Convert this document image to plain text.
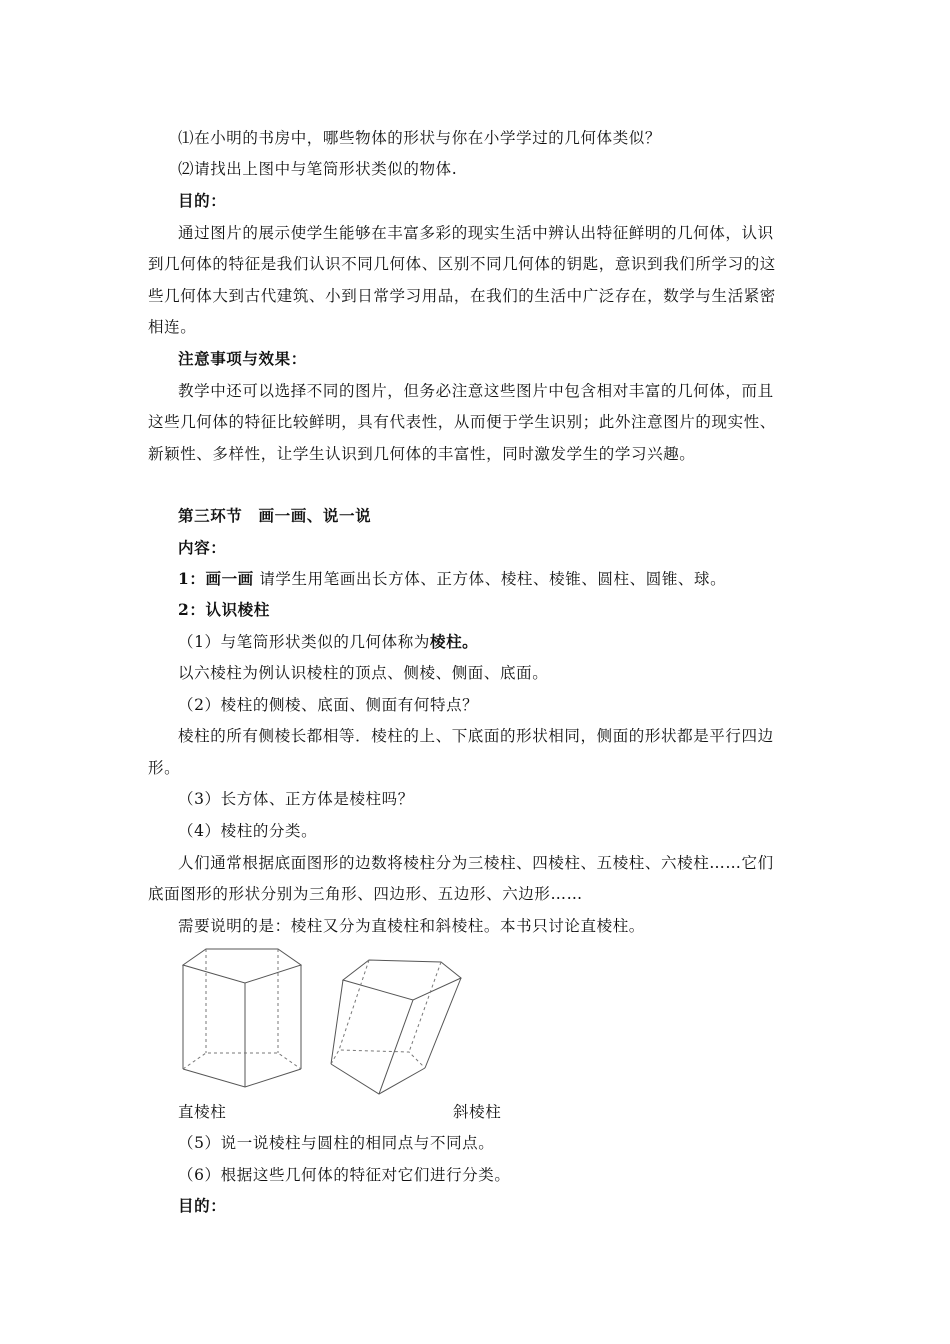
⑴在小明的书房中，哪些物体的形状与你在小学学过的几何体类似？
⑵请找出上图中与笔筒形状类似的物体.
目的：
通过图片的展示使学生能够在丰富多彩的现实生活中辨认出特征鲜明的几何体，认识
到几何体的特征是我们认识不同几何体、区别不同几何体的钥匙，意识到我们所学习的这
些几何体大到古代建筑、小到日常学习用品，在我们的生活中广泛存在，数学与生活紧密
相连。
注意事项与效果：
教学中还可以选择不同的图片，但务必注意这些图片中包含相对丰富的几何体，而且
这些几何体的特征比较鲜明，具有代表性，从而便于学生识别；此外注意图片的现实性、
新颖性、多样性，让学生认识到几何体的丰富性，同时激发学生的学习兴趣。
第三环节　画一画、说一说
内容：
1：画一画 请学生用笔画出长方体、正方体、棱柱、棱锥、圆柱、圆锥、球。
2：认识棱柱
（1）与笔筒形状类似的几何体称为棱柱。
以六棱柱为例认识棱柱的顶点、侧棱、侧面、底面。
（2）棱柱的侧棱、底面、侧面有何特点？
棱柱的所有侧棱长都相等．棱柱的上、下底面的形状相同，侧面的形状都是平行四边
形。
（3）长方体、正方体是棱柱吗？
（4）棱柱的分类。
人们通常根据底面图形的边数将棱柱分为三棱柱、四棱柱、五棱柱、六棱柱……它们
底面图形的形状分别为三角形、四边形、五边形、六边形……
需要说明的是：棱柱又分为直棱柱和斜棱柱。本书只讨论直棱柱。
直棱柱	斜棱柱
（5）说一说棱柱与圆柱的相同点与不同点。
（6）根据这些几何体的特征对它们进行分类。
目的：
